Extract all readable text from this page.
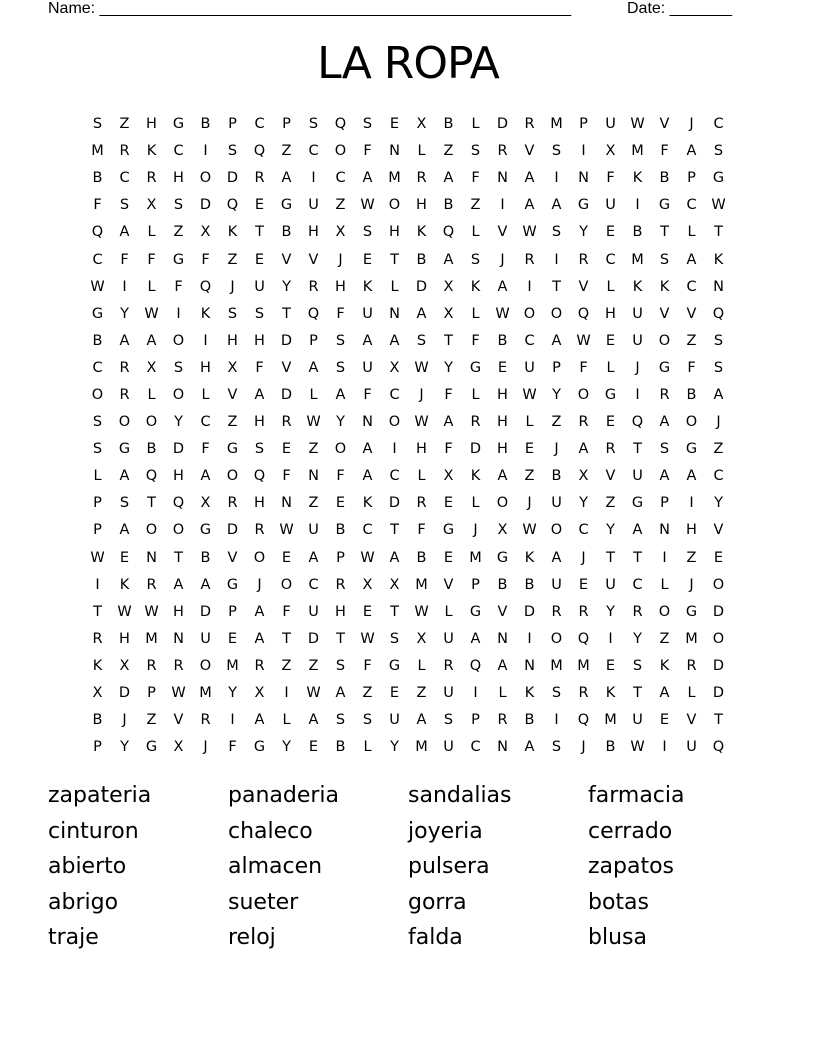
Name: _____________________________________________________	Date: _______
LA ROPA
S	Z	H	G	B	P	C	P	S	Q	S	E	X	B	L	D	R	M	P	U	W	V	J	C
M	R	K	C	I	S	Q	Z	C	O	F	N	L	Z	S	R	V	S	I	X	M	F	A	S
B	C	R	H	O	D	R	A	I	C	A	M	R	A	F	N	A	I	N	F	K	B	P	G
F	S	X	S	D	Q	E	G	U	Z	W O	H	B	Z	I	A	A	G	U	I	G	C	W
Q	A	L	Z	X	K	T	B	H	X	S	H	K	Q	L	V	W	S	Y	E	B	T	L	T
C	F	F	G	F	Z	E	V	V	J	E	T	B	A	S	J	R	I	R	C	M	S	A	K
W	I	L	F	Q	J	U	Y	R	H	K	L	D	X	K	A	I	T	V	L	K	K	C	N
G	Y	W	I	K	S	S	T	Q	F	U	N	A	X	L	W O	O	Q	H	U	V	V	Q
B	A	A	O	I	H	H	D	P	S	A	A	S	T	F	B	C	A	W	E	U	O	Z	S
C	R	X	S	H	X	F	V	A	S	U	X	W	Y	G	E	U	P	F	L	J	G	F	S
O	R	L	O	L	V	A	D	L	A	F	C	J	F	L	H W	Y	O	G	I	R	B	A
S	O	O	Y	C	Z	H	R	W	Y	N	O W	A	R	H	L	Z	R	E	Q	A	O	J
S	G	B	D	F	G	S	E	Z	O	A	I	H	F	D	H	E	J	A	R	T	S	G	Z
L	A	Q	H	A	O	Q	F	N	F	A	C	L	X	K	A	Z	B	X	V	U	A	A	C
P	S	T	Q	X	R	H	N	Z	E	K	D	R	E	L	O	J	U	Y	Z	G	P	I	Y
P	A	O	O	G	D	R	W	U	B	C	T	F	G	J	X	W O	C	Y	A	N	H	V
W	E	N	T	B	V	O	E	A	P	W	A	B	E	M	G	K	A	J	T	T	I	Z	E
I	K	R	A	A	G	J	O	C	R	X	X	M	V	P	B	B	U	E	U	C	L	J	O
T	W W H	D	P	A	F	U	H	E	T	W	L	G	V	D	R	R	Y	R	O	G	D
R	H	M	N	U	E	A	T	D	T	W	S	X	U	A	N	I	O	Q	I	Y	Z	M	O
K	X	R	R	O	M	R	Z	Z	S	F	G	L	R	Q	A	N	M M	E	S	K	R	D
X	D	P	W M	Y	X	I	W	A	Z	E	Z	U	I	L	K	S	R	K	T	A	L	D
B	J	Z	V	R	I	A	L	A	S	S	U	A	S	P	R	B	I	Q	M	U	E	V	T
P	Y	G	X	J	F	G	Y	E	B	L	Y	M	U	C	N	A	S	J	B	W	I	U	Q
zapateria	panaderia	sandalias	farmacia
cinturon	chaleco	joyeria	cerrado
abierto	almacen	pulsera	zapatos
abrigo	sueter	gorra	botas
traje	reloj	falda	blusa
